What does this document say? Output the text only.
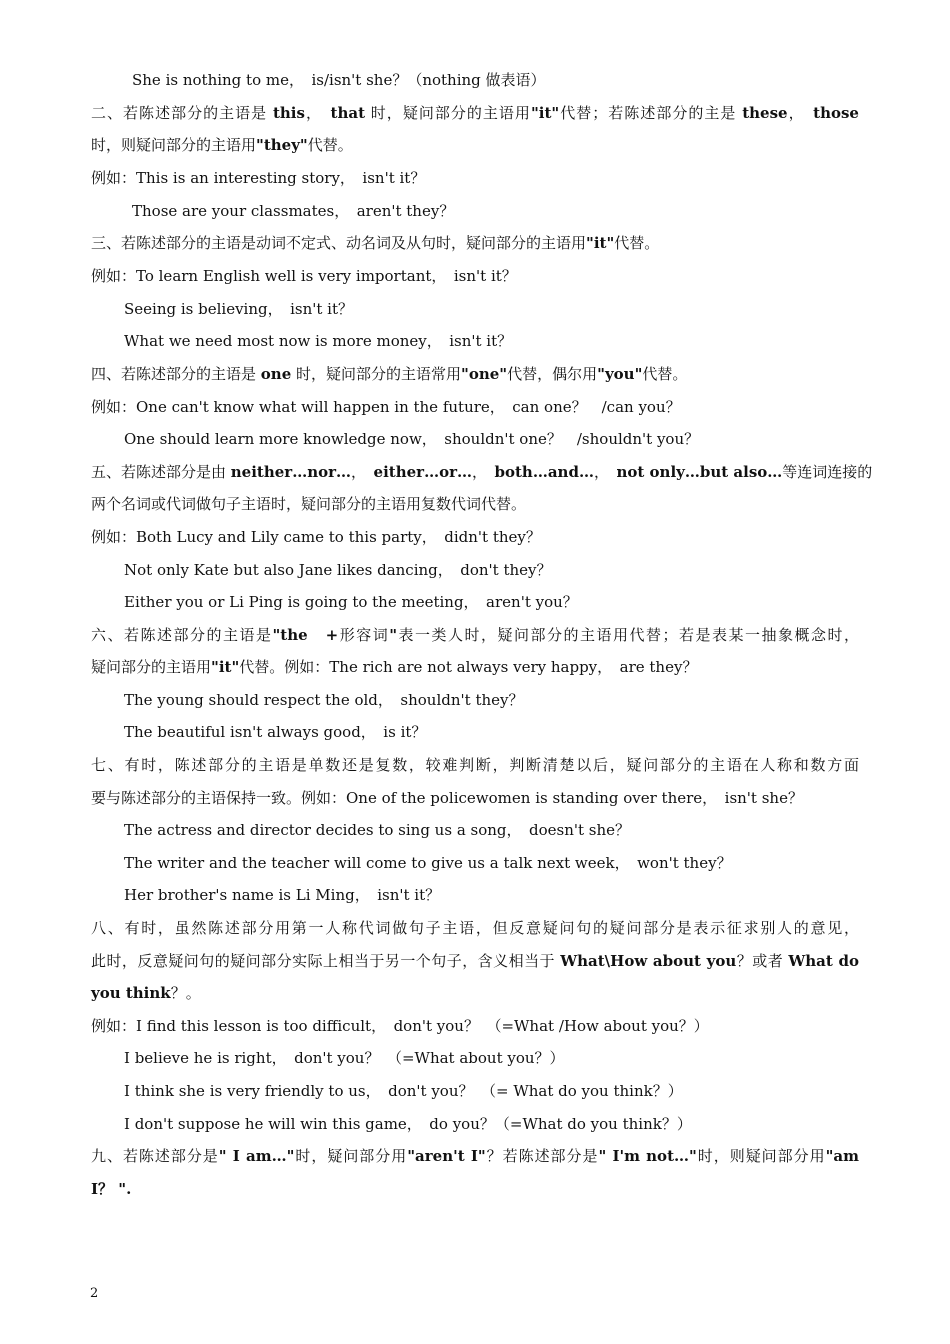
She is nothing to me，　is/isn't she？（nothing 做表语）
二、若陈述部分的主语是 this，　that 时，疑问部分的主语用"it"代替；若陈述部分的主是 these，　those
时，则疑问部分的主语用"they"代替。
例如：This is an interesting story，　isn't it？
Those are your classmates，　aren't they？
三、若陈述部分的主语是动词不定式、动名词及从句时，疑问部分的主语用"it"代替。
例如：To learn English well is very important，　isn't it？
Seeing is believing，　isn't it？
What we need most now is more money，　isn't it？
四、若陈述部分的主语是 one 时，疑问部分的主语常用"one"代替，偶尔用"you"代替。
例如：One can't know what will happen in the future，　can one？　/can you？
One should learn more knowledge now，　shouldn't one？　/shouldn't you？
五、若陈述部分是由 neither…nor…，　either…or…，　both…and…，　not only…but also…等连词连接的
两个名词或代词做句子主语时，疑问部分的主语用复数代词代替。
例如：Both Lucy and Lily came to this party，　didn't they？
Not only Kate but also Jane likes dancing，　don't they？
Either you or Li Ping is going to the meeting，　aren't you？
六、若陈述部分的主语是"the　+形容词"表一类人时，疑问部分的主语用代替；若是表某一抽象概念时，
疑问部分的主语用"it"代替。例如：The rich are not always very happy，　are they？
The young should respect the old，　shouldn't they？
The beautiful isn't always good，　is it？
七、有时，陈述部分的主语是单数还是复数，较难判断，判断清楚以后，疑问部分的主语在人称和数方面
要与陈述部分的主语保持一致。例如：One of the policewomen is standing over there，　isn't she？
The actress and director decides to sing us a song，　doesn't she？
The writer and the teacher will come to give us a talk next week，　won't they？
Her brother's name is Li Ming，　isn't it？
八、有时，虽然陈述部分用第一人称代词做句子主语，但反意疑问句的疑问部分是表示征求别人的意见，
此时，反意疑问句的疑问部分实际上相当于另一个句子，含义相当于 What\How about you？或者 What do
you think？。
例如：I find this lesson is too difficult，　don't you？　（=What /How about you？）
I believe he is right，　don't you？　（=What about you？）
I think she is very friendly to us，　don't you？　（= What do you think？）
I don't suppose he will win this game，　do you？（=What do you think？）
九、若陈述部分是" I am…"时，疑问部分用"aren't I"？若陈述部分是" I'm not…"时，则疑问部分用"am
I？ ".
2
